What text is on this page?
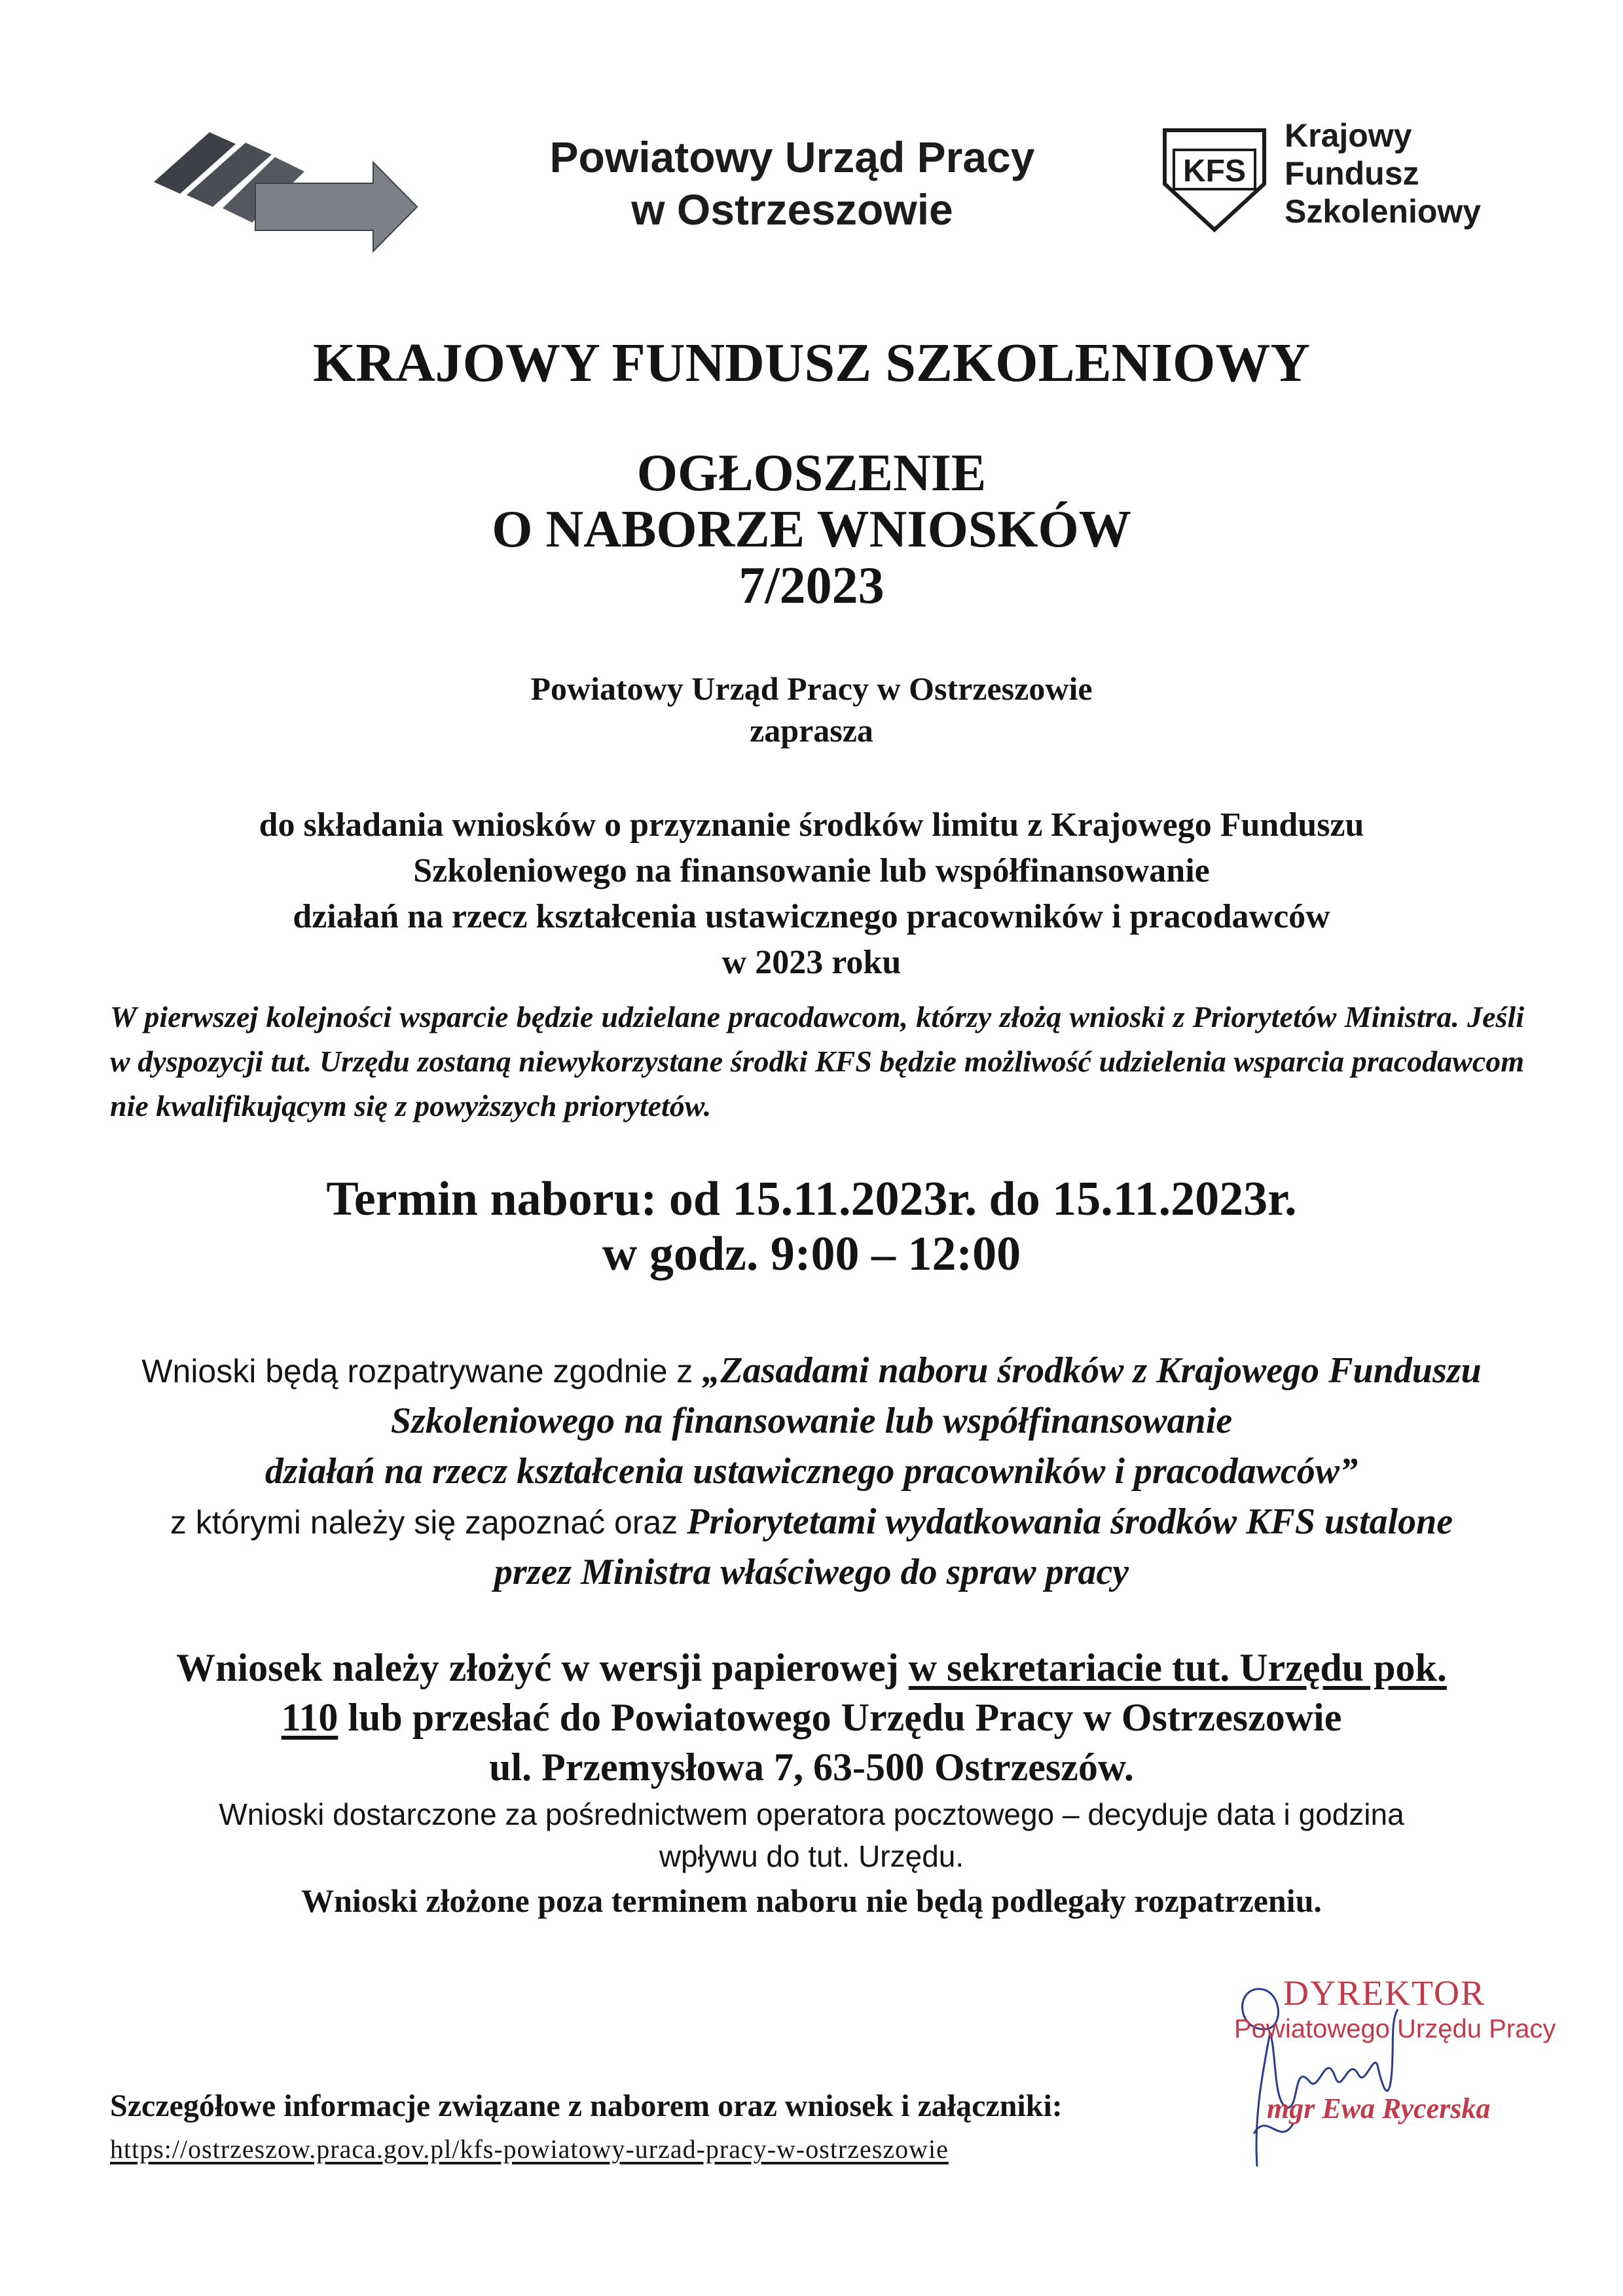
Powiatowy Urząd Pracy
w Ostrzeszowie
KFS
Krajowy
Fundusz
Szkoleniowy
KRAJOWY FUNDUSZ SZKOLENIOWY
OGŁOSZENIE
O NABORZE WNIOSKÓW
7/2023
Powiatowy Urząd Pracy w Ostrzeszowie
zaprasza
do składania wniosków o przyznanie środków limitu z Krajowego Funduszu
Szkoleniowego na finansowanie lub współfinansowanie
działań na rzecz kształcenia ustawicznego pracowników i pracodawców
w 2023 roku
W pierwszej kolejności wsparcie będzie udzielane pracodawcom, którzy złożą wnioski z Priorytetów Ministra. Jeśli w dyspozycji tut. Urzędu zostaną niewykorzystane środki KFS będzie możliwość udzielenia wsparcia pracodawcom nie kwalifikującym się z powyższych priorytetów.
Termin naboru: od 15.11.2023r. do 15.11.2023r.
w godz. 9:00 – 12:00
Wnioski będą rozpatrywane zgodnie z „Zasadami naboru środków z Krajowego Funduszu
Szkoleniowego na finansowanie lub współfinansowanie
działań na rzecz kształcenia ustawicznego pracowników i pracodawców”
z którymi należy się zapoznać oraz Priorytetami wydatkowania środków KFS ustalone
przez Ministra właściwego do spraw pracy
Wniosek należy złożyć w wersji papierowej w sekretariacie tut. Urzędu pok.
110 lub przesłać do Powiatowego Urzędu Pracy w Ostrzeszowie
ul. Przemysłowa 7, 63-500 Ostrzeszów.
Wnioski dostarczone za pośrednictwem operatora pocztowego – decyduje data i godzina
wpływu do tut. Urzędu.
Wnioski złożone poza terminem naboru nie będą podlegały rozpatrzeniu.
DYREKTOR
Powiatowego Urzędu Pracy
mgr Ewa Rycerska
Szczegółowe informacje związane z naborem oraz wniosek i załączniki:
https://ostrzeszow.praca.gov.pl/kfs-powiatowy-urzad-pracy-w-ostrzeszowie
